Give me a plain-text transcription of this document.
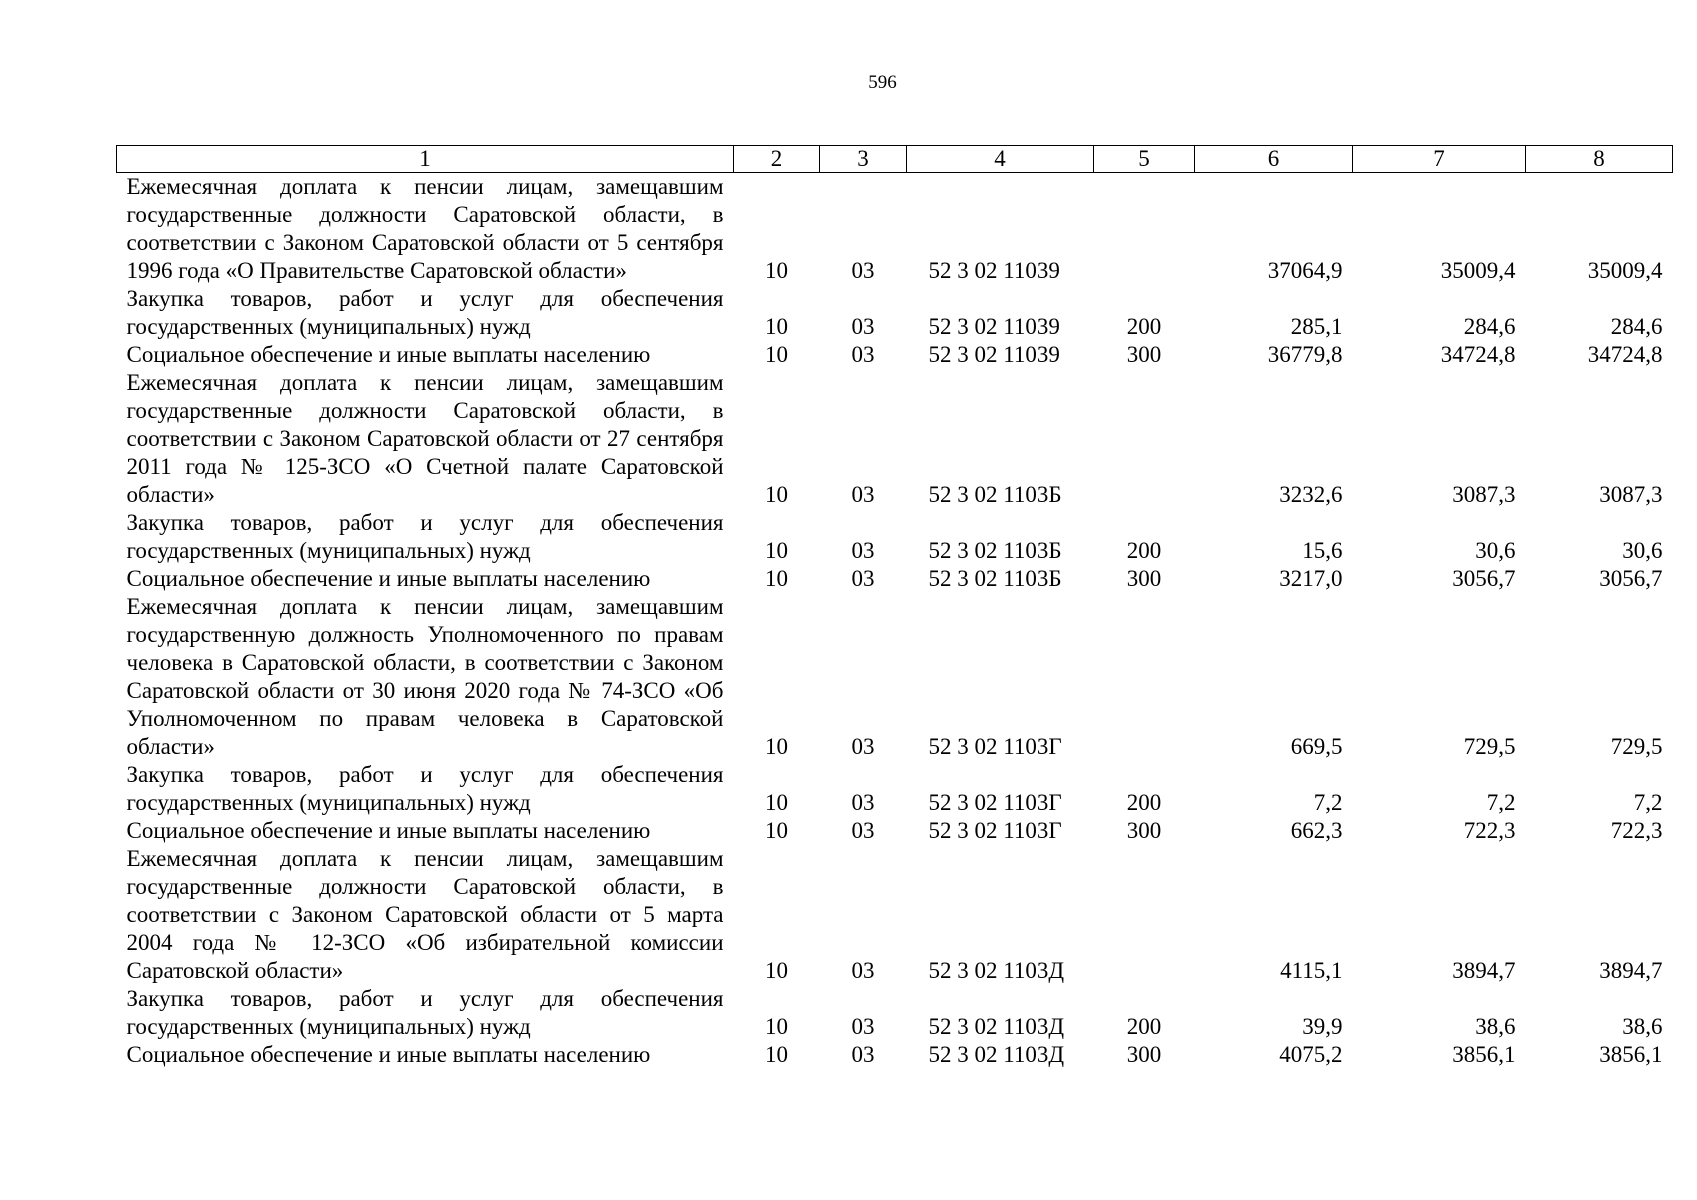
596
1	2	3	4	5	6	7	8
Ежемесячная доплата к пенсии лицам, замещавшим государственные должности Саратовской области, в соответствии с Законом Саратовской области от 5 сентября 1996 года «О Правительстве Саратовской области»	10	03	52 3 02 11039		37064,9	35009,4	35009,4
Закупка товаров, работ и услуг для обеспечения государственных (муниципальных) нужд	10	03	52 3 02 11039	200	285,1	284,6	284,6
Социальное обеспечение и иные выплаты населению	10	03	52 3 02 11039	300	36779,8	34724,8	34724,8
Ежемесячная доплата к пенсии лицам, замещавшим государственные должности Саратовской области, в соответствии с Законом Саратовской области от 27 сентября 2011 года № 125-ЗСО «О Счетной палате Саратовской области»	10	03	52 3 02 1103Б		3232,6	3087,3	3087,3
Закупка товаров, работ и услуг для обеспечения государственных (муниципальных) нужд	10	03	52 3 02 1103Б	200	15,6	30,6	30,6
Социальное обеспечение и иные выплаты населению	10	03	52 3 02 1103Б	300	3217,0	3056,7	3056,7
Ежемесячная доплата к пенсии лицам, замещавшим государственную должность Уполномоченного по правам человека в Саратовской области, в соответствии с Законом Саратовской области от 30 июня 2020 года № 74-ЗСО «Об Уполномоченном по правам человека в Саратовской области»	10	03	52 3 02 1103Г		669,5	729,5	729,5
Закупка товаров, работ и услуг для обеспечения государственных (муниципальных) нужд	10	03	52 3 02 1103Г	200	7,2	7,2	7,2
Социальное обеспечение и иные выплаты населению	10	03	52 3 02 1103Г	300	662,3	722,3	722,3
Ежемесячная доплата к пенсии лицам, замещавшим государственные должности Саратовской области, в соответствии с Законом Саратовской области от 5 марта 2004 года № 12-ЗСО «Об избирательной комиссии Саратовской области»	10	03	52 3 02 1103Д		4115,1	3894,7	3894,7
Закупка товаров, работ и услуг для обеспечения государственных (муниципальных) нужд	10	03	52 3 02 1103Д	200	39,9	38,6	38,6
Социальное обеспечение и иные выплаты населению	10	03	52 3 02 1103Д	300	4075,2	3856,1	3856,1
